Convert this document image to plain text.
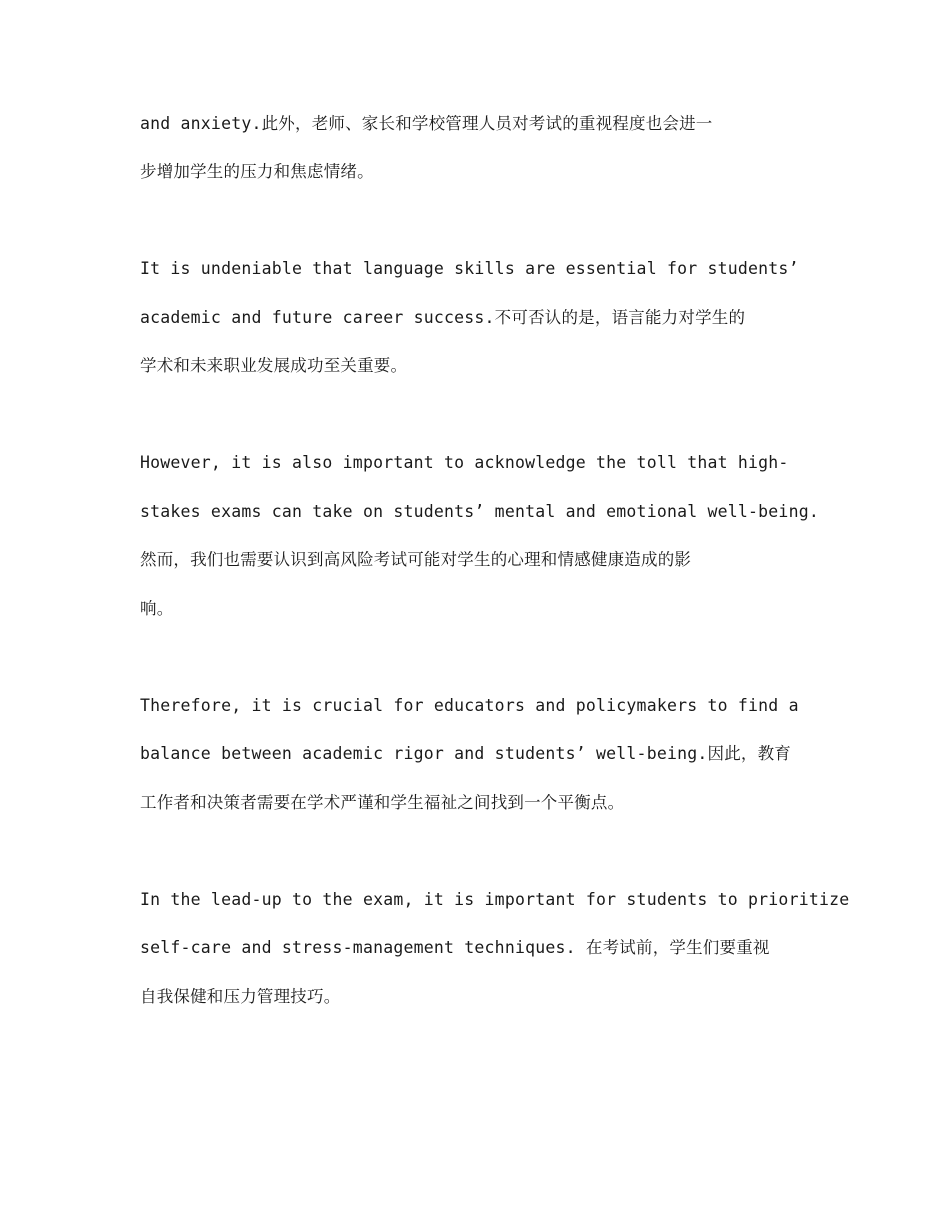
and anxiety.此外，老师、家长和学校管理人员对考试的重视程度也会进一
步增加学生的压力和焦虑情绪。
It is undeniable that language skills are essential for students’
academic and future career success.不可否认的是，语言能力对学生的
学术和未来职业发展成功至关重要。
However, it is also important to acknowledge the toll that high-
stakes exams can take on students’ mental and emotional well-being.
然而，我们也需要认识到高风险考试可能对学生的心理和情感健康造成的影
响。
Therefore, it is crucial for educators and policymakers to find a
balance between academic rigor and students’ well-being.因此，教育
工作者和决策者需要在学术严谨和学生福祉之间找到一个平衡点。
In the lead-up to the exam, it is important for students to prioritize
self-care and stress-management techniques. 在考试前，学生们要重视
自我保健和压力管理技巧。
